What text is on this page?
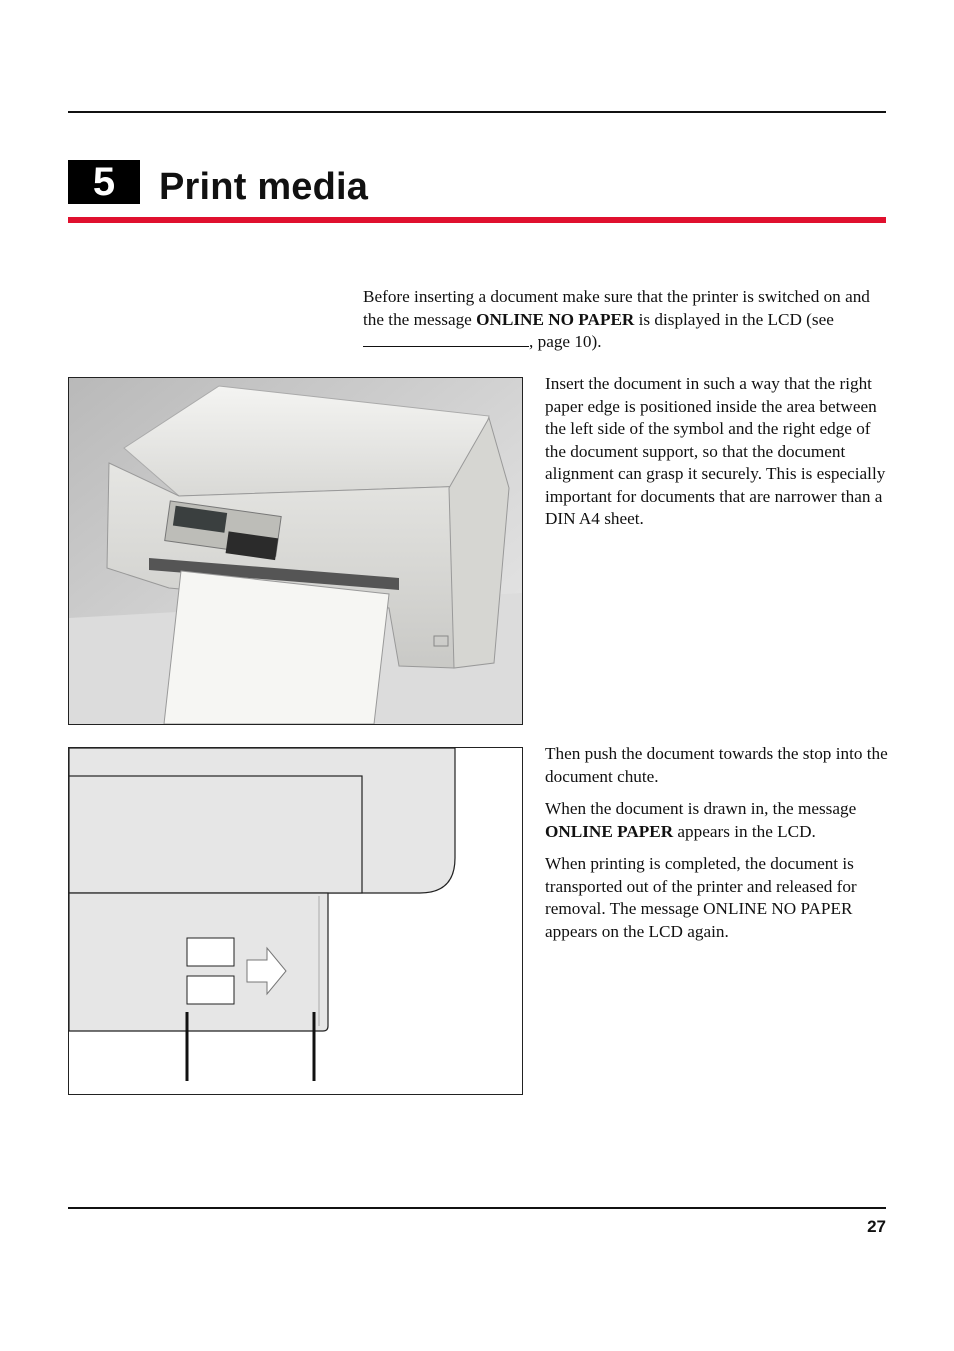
5	Print media
Before inserting a document make sure that the printer is switched on and the the message ONLINE NO PAPER is displayed in the LCD (see , page 10).
Insert the document in such a way that the right paper edge is positioned inside the area between the left side of the symbol and the right edge of the document support, so that the document alignment can grasp it securely. This is especially important for documents that are narrower than a DIN A4 sheet.

Then push the document towards the stop into the document chute.

When the document is drawn in, the message ONLINE PAPER appears in the LCD.

When printing is completed, the document is transported out of the printer and released for removal. The message ONLINE NO PAPER appears on the LCD again.

27
